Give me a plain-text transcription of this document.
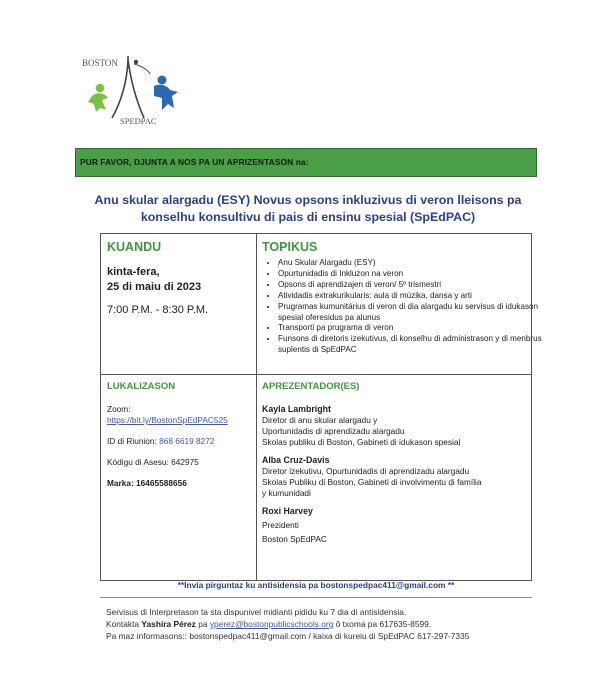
BOSTON
SPEDPAC
PUR FAVOR, DJUNTA A NOS PA UN APRIZENTASON na:
Anu skular alargadu (ESY) Novus opsons inkluzivus di veron lleisons pa
konselhu konsultivu di pais di ensinu spesial (SpEdPAC)
KUANDU
kinta-fera,
25 di maiu di 2023
7:00 P.M. - 8:30 P.M.
TOPIKUS
• Anu Skular Alargadu (ESY)
• Opurtunidadis di Inkluzon na veron
• Opsons di aprendizajen di veron/ 5º trismestri
• Atividadis extrakurikularis: aula di múzika, dansa y arti
• Prugramas kumunitárius di veron di dia alargadu ku servisus di idukason spesial oferesidus pa alunus
• Transporti pa prugrama di veron
• Funsons di diretoris izekutivus, di konselhu di administrason y di menbrus suplentis di SpEdPAC
LUKALIZASON
Zoom:
https://bit.ly/BostonSpEdPAC525
ID di Riunion: 868 6619 8272
Kódigu di Asesu: 642975
Marka: 16465588656
APREZENTADOR(ES)
Kayla Lambright
Diretor di anu skular alargadu y
Uportunidadis di aprendizadu alargadu
Skolas publiku di Boston, Gabineti di idukason spesial
Alba Cruz-Davis
Diretor izekutivu, Opurtunidadis di aprendizadu alargadu
Skolas Publiku di Boston, Gabineti di involvimentu di família
y kumunidadi
Roxi Harvey
Prezidenti
Boston SpEdPAC
**Invia pirguntaz ku antisidensia pa bostonspedpac411@gmail.com **
Servisus di Interpretason ta sta dispunivel midianti pididu ku 7 dia di antisidensia.
Kontakta Yashira Pérez pa yperez@bostonpublicschools.org ô txoma pa 617635-8599.
Pa maz informasons:: bostonspedpac411@gmail.com / kaixa di kureiu di SpEdPAC 617-297-7335
